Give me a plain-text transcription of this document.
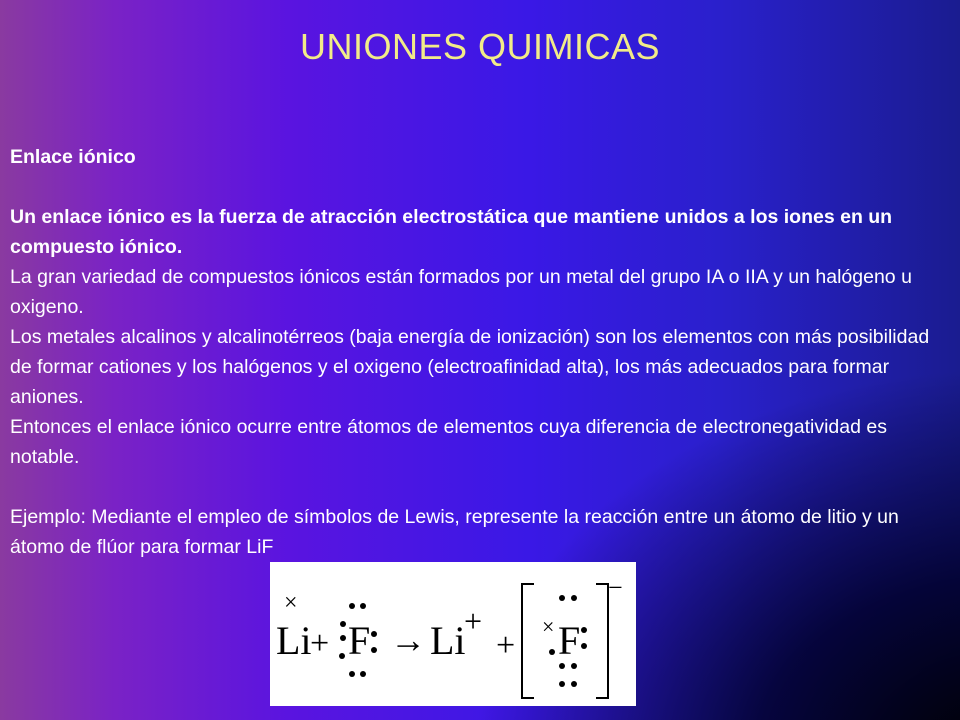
UNIONES QUIMICAS

Enlace iónico

Un enlace iónico es la fuerza de atracción electrostática que mantiene unidos a los iones en un compuesto iónico.

La gran variedad de compuestos iónicos están formados por un metal del grupo IA o IIA y un halógeno u oxigeno.

Los metales alcalinos y alcalinotérreos (baja energía de ionización) son los elementos con más posibilidad de formar cationes y los halógenos y el oxigeno (electroafinidad alta), los más adecuados para formar aniones.

Entonces el enlace iónico ocurre entre átomos de elementos cuya diferencia de electronegatividad es notable.

Ejemplo: Mediante el empleo de símbolos de Lewis, represente la reacción entre un átomo de litio y un átomo de flúor para formar LiF

×
Li
+ F → Li
+
+
× F
−
